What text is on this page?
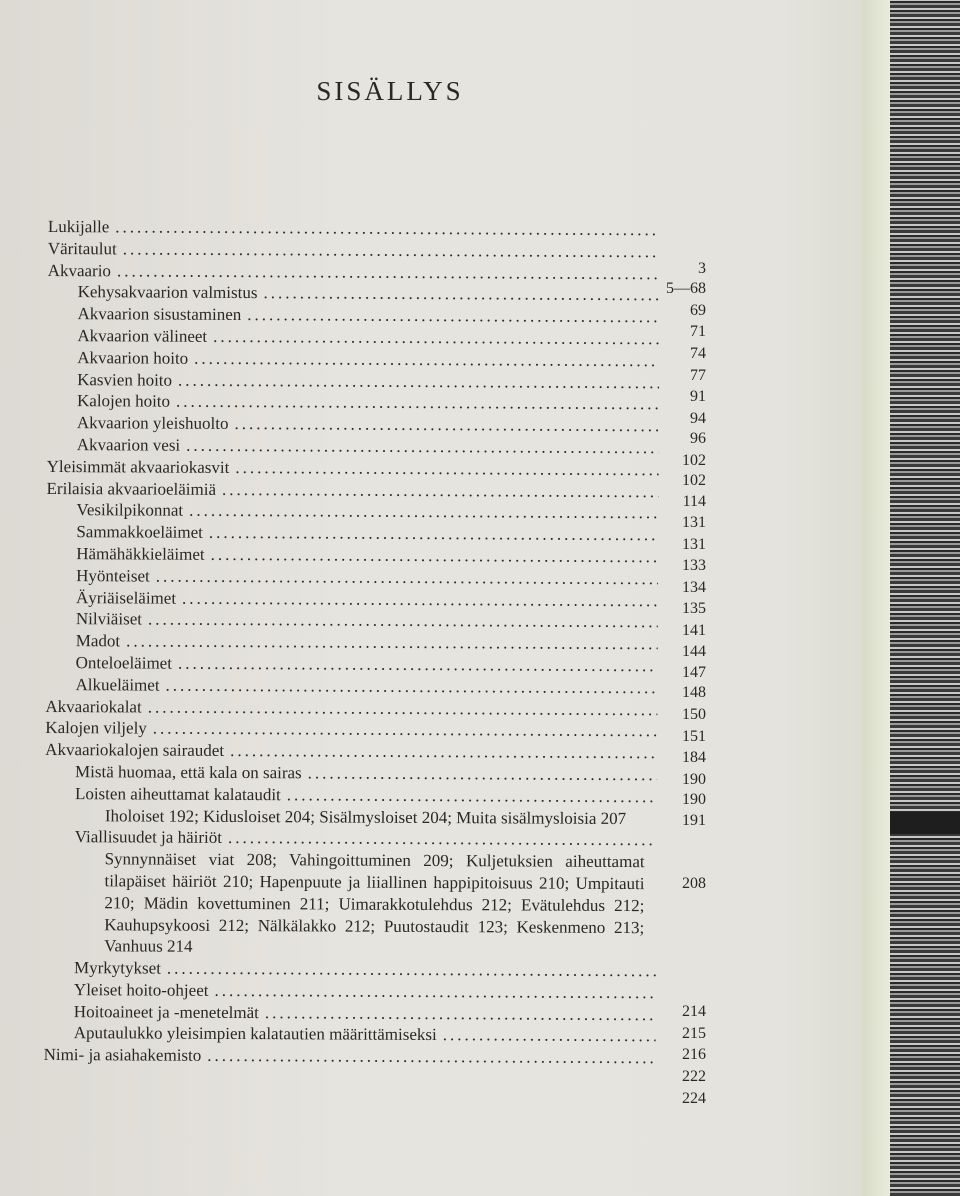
SISÄLLYS
Lukijalle
.....
Väritaulut
.....
Akvaario
.....
Kehysakvaarion valmistus
.....
Akvaarion sisustaminen
.....
Akvaarion välineet
.....
Akvaarion hoito
.....
Kasvien hoito
.....
Kalojen hoito
.....
Akvaarion yleishuolto
.....
Akvaarion vesi
.....
Yleisimmät akvaariokasvit
.....
Erilaisia akvaarioeläimiä
.....
Vesikilpikonnat
.....
Sammakkoeläimet
.....
Hämähäkkieläimet
.....
Hyönteiset
.....
Äyriäiseläimet
.....
Nilviäiset
.....
Madot
.....
Onteloeläimet
.....
Alkueläimet
.....
Akvaariokalat
.....
Kalojen viljely
.....
Akvaariokalojen sairaudet
.....
Mistä huomaa, että kala on sairas
.....
Loisten aiheuttamat kalataudit
.....
Iholoiset 192; Kidusloiset 204; Sisälmysloiset 204; Muita sisälmysloisia 207
Viallisuudet ja häiriöt
.....
Synnynnäiset viat 208; Vahingoittuminen 209; Kuljetuksien aiheuttamat tilapäiset häiriöt 210; Hapenpuute ja liiallinen happipitoisuus 210; Umpitauti 210; Mädin kovettuminen 211; Uimarakkotulehdus 212; Evätulehdus 212; Kauhupsykoosi 212; Nälkälakko 212; Puutostaudit 123; Keskenmeno 213; Vanhuus 214
Myrkytykset
.....
Yleiset hoito-ohjeet
.....
Hoitoaineet ja -menetelmät
.....
Aputaulukko yleisimpien kalatautien määrittämiseksi
.....
Nimi- ja asiahakemisto
.....
3
5—68
69
71
74
77
91
94
96
102
102
114
131
131
133
134
135
141
144
147
148
150
151
184
190
190
191
208
214
215
216
222
224
